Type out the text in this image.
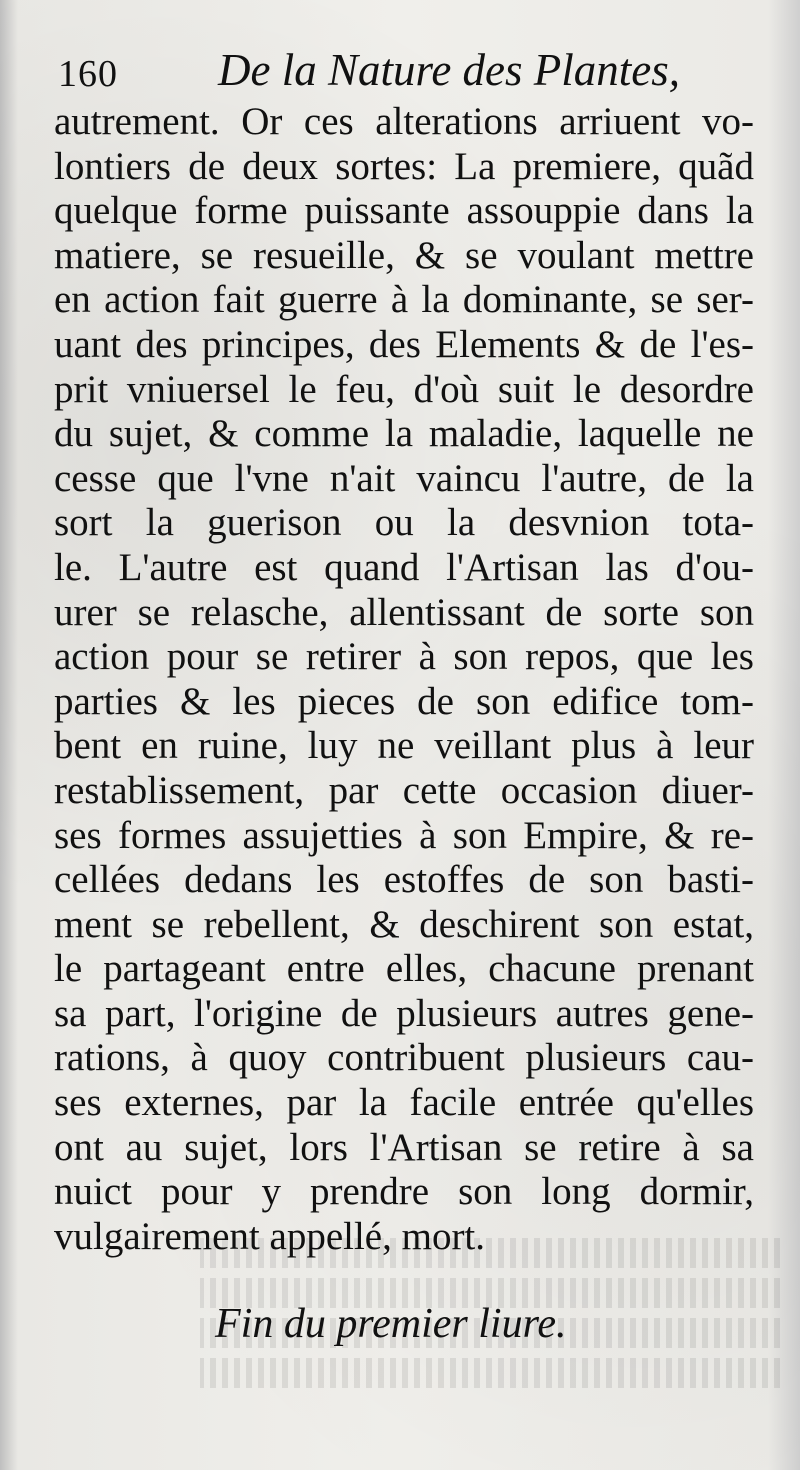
160 De la Nature des Plantes,
autrement. Or ces alterations arriuent vo-
lontiers de deux sortes: La premiere, quãd
quelque forme puissante assouppie dans la
matiere, se resueille, & se voulant mettre
en action fait guerre à la dominante, se ser-
uant des principes, des Elements & de l'es-
prit vniuersel le feu, d'où suit le desordre
du sujet, & comme la maladie, laquelle ne
cesse que l'vne n'ait vaincu l'autre, de la
sort la guerison ou la desvnion tota-
le. L'autre est quand l'Artisan las d'ou-
urer se relasche, allentissant de sorte son
action pour se retirer à son repos, que les
parties & les pieces de son edifice tom-
bent en ruine, luy ne veillant plus à leur
restablissement, par cette occasion diuer-
ses formes assujetties à son Empire, & re-
cellées dedans les estoffes de son basti-
ment se rebellent, & deschirent son estat,
le partageant entre elles, chacune prenant
sa part, l'origine de plusieurs autres gene-
rations, à quoy contribuent plusieurs cau-
ses externes, par la facile entrée qu'elles
ont au sujet, lors l'Artisan se retire à sa
nuict pour y prendre son long dormir,
vulgairement appellé, mort.
Fin du premier liure.
